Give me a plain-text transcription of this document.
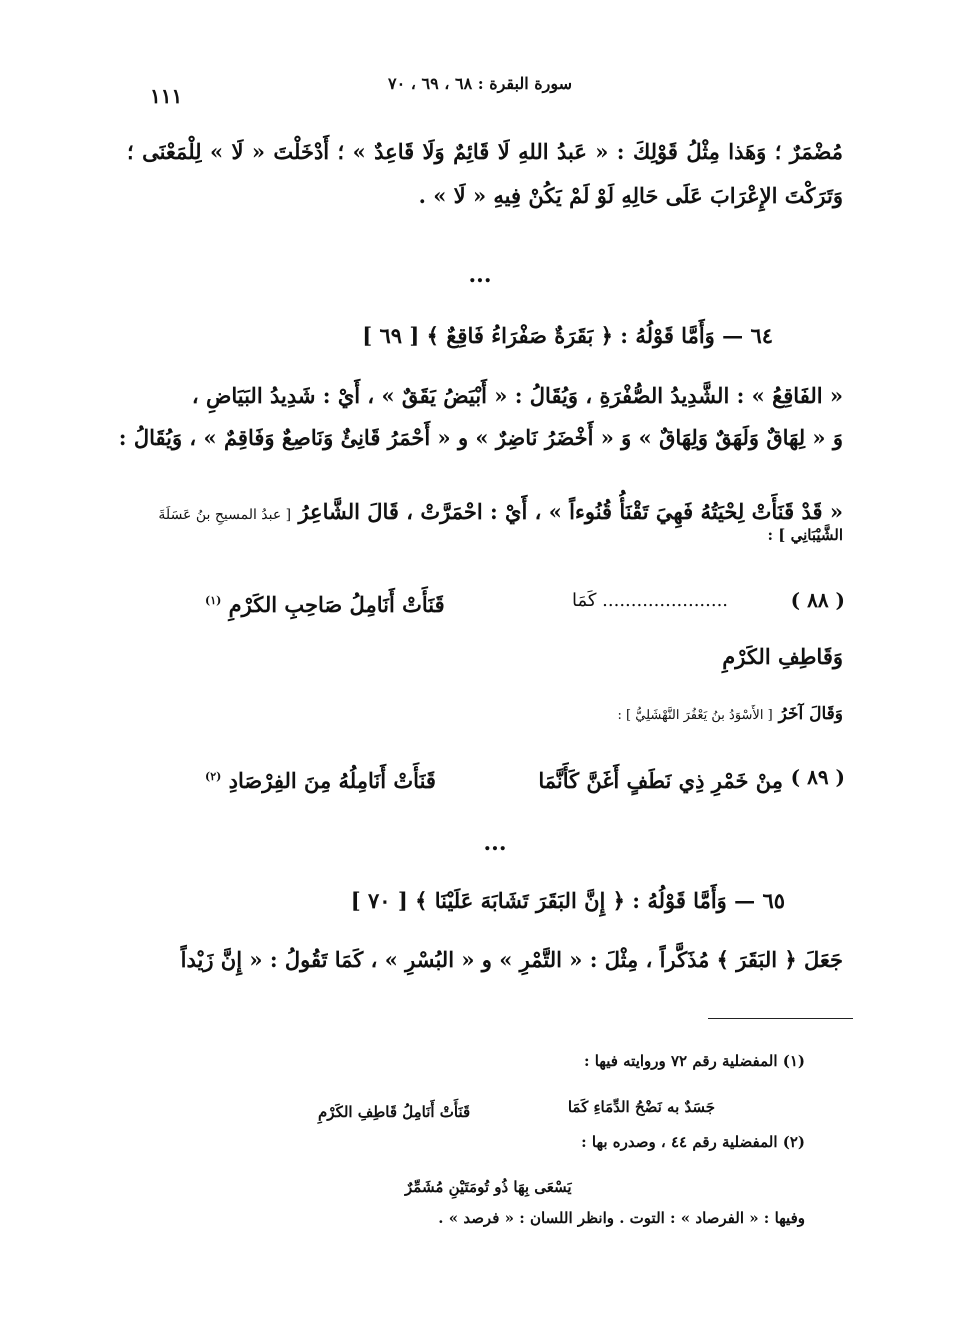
سورة البقرة : ٦٨ ، ٦٩ ، ٧٠
١١١
مُضْمَرٌ ؛ وَهَذا مِثْلُ قَوْلِكَ : « عَبدُ اللهِ لَا قَائِمٌ وَلَا قَاعِدٌ » ؛ أَدْخَلْتَ « لَا » لِلْمَعْنَى ؛
وَتَرَكْتَ الإِعْرَابَ عَلَى حَالِهِ لَوْ لَمْ يَكُنْ فِيهِ « لَا » .
...
٦٤ — وَأَمَّا قَوْلُهُ : ﴿ بَقَرَةٌ صَفْرَاءُ فَاقِعٌ ﴾ [ ٦٩ ]
« الفَاقِعُ » : الشَّدِيدُ الصُّفْرَةِ ، وَيُقَالُ : « أَبْيَضُ يَقَقٌ » ، أَيْ : شَدِيدُ البَيَاضِ ،
وَ « لِهَاقٌ وَلَهَقٌ وَلِهَاقٌ » وَ « أَخْضَرُ نَاضِرٌ » و « أَحْمَرُ قَانِئٌ وَنَاصِعٌ وَفَاقِمٌ » ، وَيُقَالُ :
« قَدْ قَنَأَتْ لِحْيَتُهُ فَهِيَ تَقْنَأُ قُنُوءاً » ، أَيْ : احْمَرَّتْ ، قَالَ الشَّاعِرُ [ عبدُ المسيحِ بنُ عَسَلَةَ
الشَّيْبَانِي ] :
( ٨٨ )
...................... كَمَا
قَنَأَتْ أَنَامِلُ صَاحِبِ الكَرْمِ $^{(١)}$
وَقَاطِفِ الكَرْمِ
وَقَالَ آخَرُ [ الأَسْوَدُ بنُ يَعْفُرَ النَّهْشَلِيُّ ] :
( ٨٩ )
مِنْ خَمْرِ ذِي نَطَفٍ أَغَنَّ كَأَنَّمَا
قَنَأَتْ أَنَامِلُهُ مِنَ الفِرْصَادِ $^{(٢)}$
...
٦٥ — وَأَمَّا قَوْلُهُ : ﴿ إِنَّ البَقَرَ تَشَابَهَ عَلَيْنَا ﴾ [ ٧٠ ]
جَعَلَ ﴿ البَقَرَ ﴾ مُذَكَّراً ، مِثْلَ : « التَّمْرِ » و « البُسْرِ » ، كَمَا تَقُولُ : « إِنَّ زَيْداً
(١) المفضلية رقم ٧٢ وروايته فيها :
جَسَدٌ به نَضْحُ الدِّمَاءِ كَمَا
قَنَأَتْ أَنَامِلُ قَاطِفِ الكَرْمِ
(٢) المفضلية رقم ٤٤ ، وصدره بها :
يَسْعَى بِهَا ذُو تُومَتَيْنِ مُشَمِّرٌ
وفيها : « الفرصاد » : التوت . وانظر اللسان : « فرصد » .
